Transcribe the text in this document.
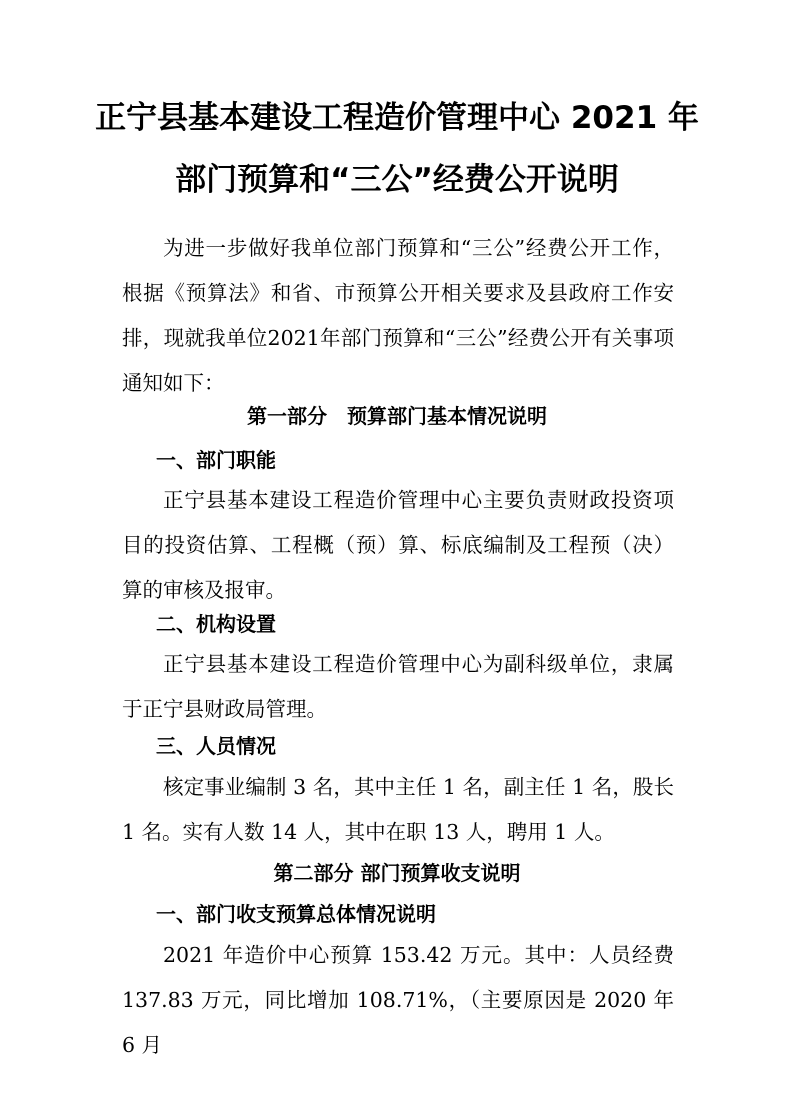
正宁县基本建设工程造价管理中心 2021 年
部门预算和“三公”经费公开说明

为进一步做好我单位部门预算和“三公”经费公开工作，根据《预算法》和省、市预算公开相关要求及县政府工作安排，现就我单位2021年部门预算和“三公”经费公开有关事项通知如下：

第一部分　预算部门基本情况说明
一、部门职能

正宁县基本建设工程造价管理中心主要负责财政投资项目的投资估算、工程概（预）算、标底编制及工程预（决）算的审核及报审。

二、机构设置

正宁县基本建设工程造价管理中心为副科级单位，隶属于正宁县财政局管理。

三、人员情况

核定事业编制 3 名，其中主任 1 名，副主任 1 名，股长 1 名。实有人数 14 人，其中在职 13 人，聘用 1 人。

第二部分 部门预算收支说明
一、部门收支预算总体情况说明

2021 年造价中心预算 153.42 万元。其中：人员经费 137.83 万元，同比增加 108.71%，（主要原因是 2020 年 6 月
